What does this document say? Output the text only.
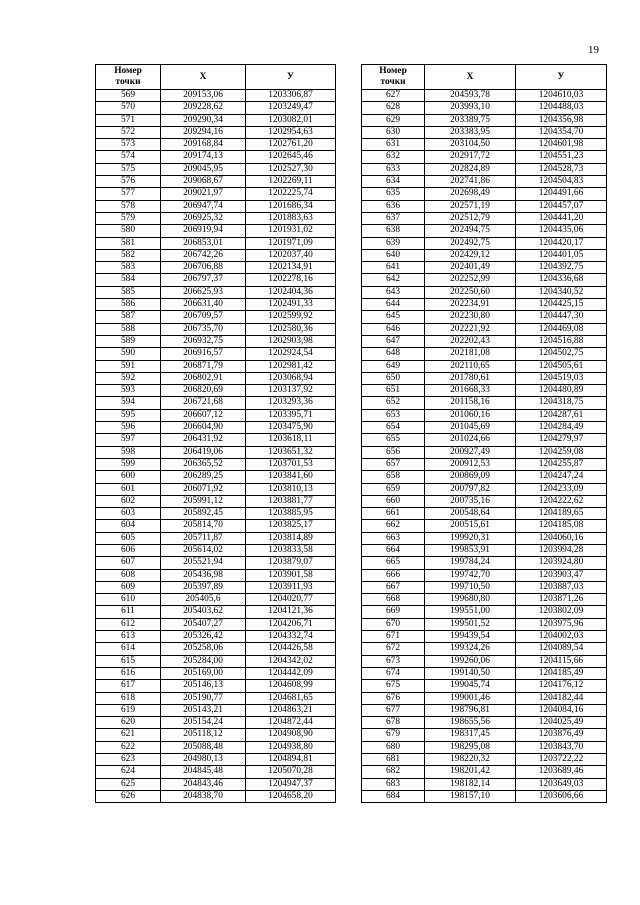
19
Номер
точки	X	У
569	209153,06	1203306,87
570	209228,62	1203249,47
571	209290,34	1203082,01
572	209294,16	1202954,63
573	209168,84	1202761,20
574	209174,13	1202645,46
575	209045,95	1202527,30
576	209068,67	1202269,11
577	209021,97	1202225,74
578	206947,74	1201686,34
579	206925,32	1201883,63
580	206919,94	1201931,02
581	206853,01	1201971,09
582	206742,26	1202037,40
583	206706,88	1202134,91
584	206797,37	1202278,16
585	206625,93	1202404,36
586	206631,40	1202491,33
587	206709,57	1202599,92
588	206735,70	1202580,36
589	206932,75	1202903,98
590	206916,57	1202924,54
591	206871,79	1202981,42
592	206802,91	1203068,94
593	206820,69	1203137,92
594	206721,68	1203293,36
595	206607,12	1203395,71
596	206604,90	1203475,90
597	206431,92	1203618,11
598	206419,06	1203651,32
599	206365,52	1203701,53
600	206289,25	1203841,60
601	206071,92	1203810,13
602	205991,12	1203881,77
603	205892,45	1203885,95
604	205814,70	1203825,17
605	205711,87	1203814,89
606	205614,02	1203833,58
607	205521,94	1203879,07
608	205436,98	1203901,58
609	205397,89	1203911,93
610	205405,6	1204020,77
611	205403,62	1204121,36
612	205407,27	1204206,71
613	205326,42	1204332,74
614	205258,06	1204426,58
615	205284,00	1204342,02
616	205169,00	1204442,09
617	205146,13	1204608,99
618	205190,77	1204681,65
619	205143,21	1204863,21
620	205154,24	1204872,44
621	205118,12	1204908,90
622	205088,48	1204938,80
623	204980,13	1204894,81
624	204845,48	1205070,28
625	204843,46	1204947,37
626	204838,70	1204658,20
Номер
точки	X	У
627	204593,78	1204610,03
628	203993,10	1204488,03
629	203389,75	1204356,98
630	203383,95	1204354,70
631	203104,50	1204601,98
632	202917,72	1204551,23
633	202824,89	1204528,73
634	202741,86	1204504,83
635	202698,49	1204491,66
636	202571,19	1204457,07
637	202512,79	1204441,20
638	202494,75	1204435,06
639	202492,75	1204420,17
640	202429,12	1204401,05
641	202401,49	1204392,75
642	202252,99	1204336,68
643	202250,60	1204340,52
644	202234,91	1204425,15
645	202230,80	1204447,30
646	202221,92	1204469,08
647	202202,43	1204516,88
648	202181,08	1204502,75
649	202110,65	1204505,61
650	201780,61	1204519,03
651	201668,33	1204480,89
652	201158,16	1204318,75
653	201060,16	1204287,61
654	201045,69	1204284,49
655	201024,66	1204279,97
656	200927,49	1204259,08
657	200912,53	1204255,87
658	200869,09	1204247,24
659	200797,82	1204233,09
660	200735,16	1204222,62
661	200548,64	1204189,65
662	200515,61	1204185,08
663	199920,31	1204060,16
664	199853,91	1203994,28
665	199784,24	1203924,80
666	199742,70	1203903,47
667	199710,50	1203887,03
668	199680,80	1203871,26
669	199551,00	1203802,09
670	199501,52	1203975,96
671	199439,54	1204002,03
672	199324,26	1204089,54
673	199260,06	1204115,66
674	199140,50	1204185,49
675	199045,74	1204176,12
676	199001,46	1204182,44
677	198796,81	1204084,16
678	198655,56	1204025,49
679	198317,45	1203876,49
680	198295,08	1203843,70
681	198220,32	1203722,22
682	198201,42	1203689,46
683	198182,14	1203649,03
684	198157,10	1203606,66
